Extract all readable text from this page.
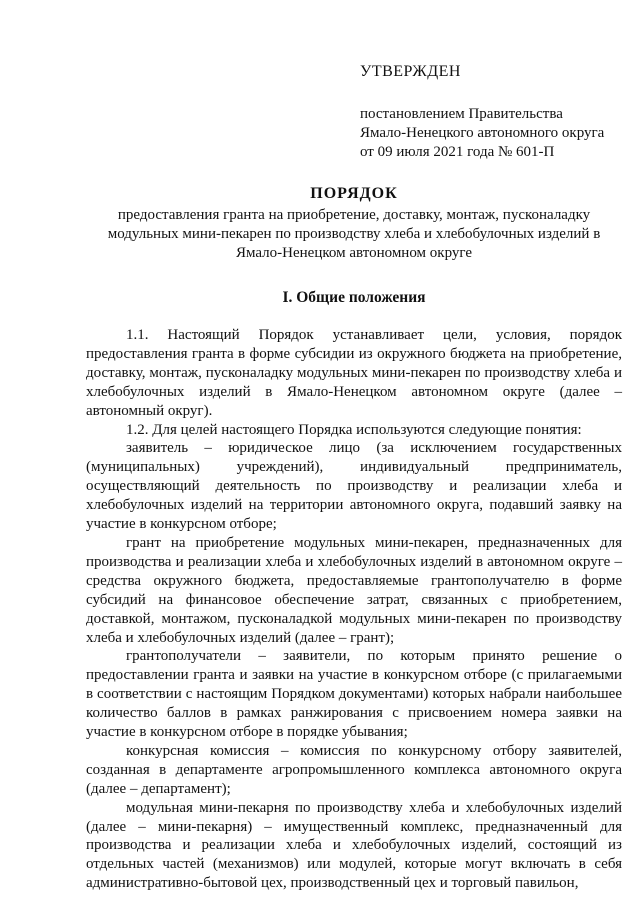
УТВЕРЖДЕН
постановлением Правительства
Ямало-Ненецкого автономного округа
от 09 июля 2021 года № 601-П
ПОРЯДОК
предоставления гранта на приобретение, доставку, монтаж, пусконаладку модульных мини-пекарен по производству хлеба и хлебобулочных изделий в Ямало-Ненецком автономном округе
I. Общие положения

1.1. Настоящий Порядок устанавливает цели, условия, порядок предоставления гранта в форме субсидии из окружного бюджета на приобретение, доставку, монтаж, пусконаладку модульных мини-пекарен по производству хлеба и хлебобулочных изделий в Ямало-Ненецком автономном округе (далее – автономный округ).

1.2. Для целей настоящего Порядка используются следующие понятия:

заявитель – юридическое лицо (за исключением государственных (муниципальных) учреждений), индивидуальный предприниматель, осуществляющий деятельность по производству и реализации хлеба и хлебобулочных изделий на территории автономного округа, подавший заявку на участие в конкурсном отборе;

грант на приобретение модульных мини-пекарен, предназначенных для производства и реализации хлеба и хлебобулочных изделий в автономном округе – средства окружного бюджета, предоставляемые грантополучателю в форме субсидий на финансовое обеспечение затрат, связанных с приобретением, доставкой, монтажом, пусконаладкой модульных мини-пекарен по производству хлеба и хлебобулочных изделий (далее – грант);

грантополучатели – заявители, по которым принято решение о предоставлении гранта и заявки на участие в конкурсном отборе (с прилагаемыми в соответствии с настоящим Порядком документами) которых набрали наибольшее количество баллов в рамках ранжирования с присвоением номера заявки на участие в конкурсном отборе в порядке убывания;

конкурсная комиссия – комиссия по конкурсному отбору заявителей, созданная в департаменте агропромышленного комплекса автономного округа (далее – департамент);

модульная мини-пекарня по производству хлеба и хлебобулочных изделий (далее – мини-пекарня) – имущественный комплекс, предназначенный для производства и реализации хлеба и хлебобулочных изделий, состоящий из отдельных частей (механизмов) или модулей, которые могут включать в себя административно-бытовой цех, производственный цех и торговый павильон,
